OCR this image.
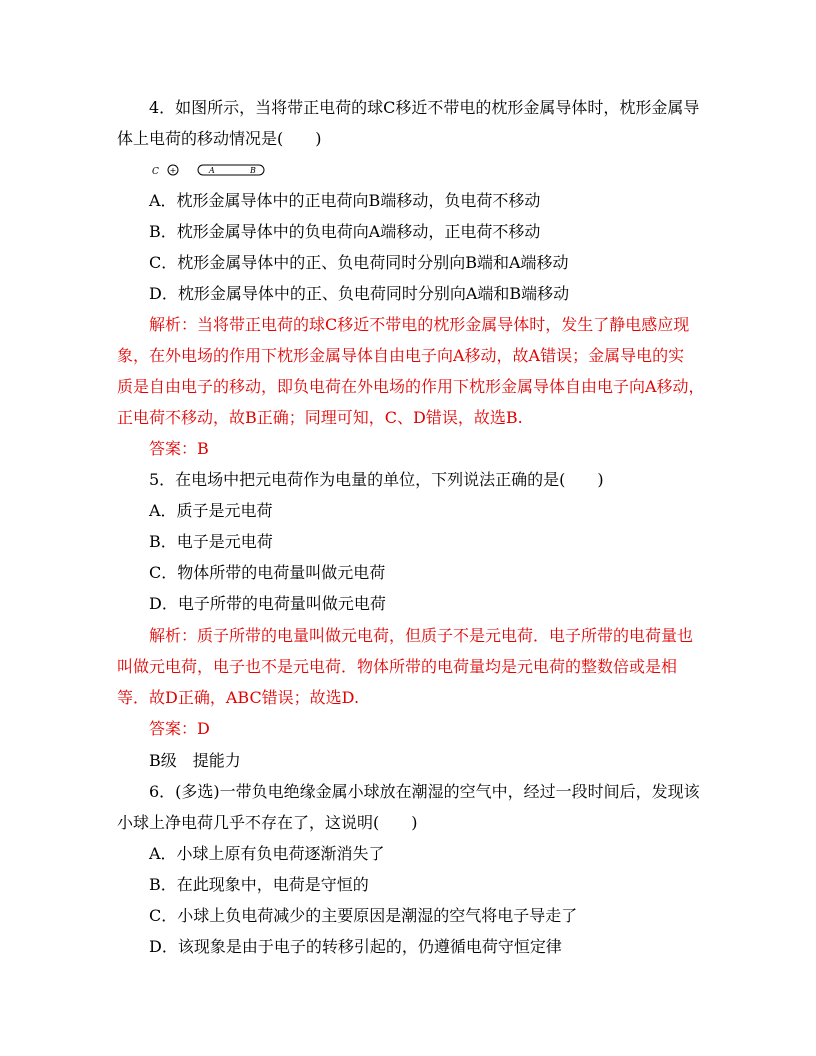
4．如图所示，当将带正电荷的球C移近不带电的枕形金属导体时，枕形金属导
体上电荷的移动情况是(　　)
C +	A	B
A．枕形金属导体中的正电荷向B端移动，负电荷不移动
B．枕形金属导体中的负电荷向A端移动，正电荷不移动
C．枕形金属导体中的正、负电荷同时分别向B端和A端移动
D．枕形金属导体中的正、负电荷同时分别向A端和B端移动
解析：当将带正电荷的球C移近不带电的枕形金属导体时，发生了静电感应现
象，在外电场的作用下枕形金属导体自由电子向A移动，故A错误；金属导电的实
质是自由电子的移动，即负电荷在外电场的作用下枕形金属导体自由电子向A移动，
正电荷不移动，故B正确；同理可知，C、D错误，故选B.
答案：B
5．在电场中把元电荷作为电量的单位，下列说法正确的是(　　)
A．质子是元电荷
B．电子是元电荷
C．物体所带的电荷量叫做元电荷
D．电子所带的电荷量叫做元电荷
解析：质子所带的电量叫做元电荷，但质子不是元电荷．电子所带的电荷量也
叫做元电荷，电子也不是元电荷．物体所带的电荷量均是元电荷的整数倍或是相
等．故D正确，ABC错误；故选D.
答案：D
B级　提能力
6．(多选)一带负电绝缘金属小球放在潮湿的空气中，经过一段时间后，发现该
小球上净电荷几乎不存在了，这说明(　　)
A．小球上原有负电荷逐渐消失了
B．在此现象中，电荷是守恒的
C．小球上负电荷减少的主要原因是潮湿的空气将电子导走了
D．该现象是由于电子的转移引起的，仍遵循电荷守恒定律
